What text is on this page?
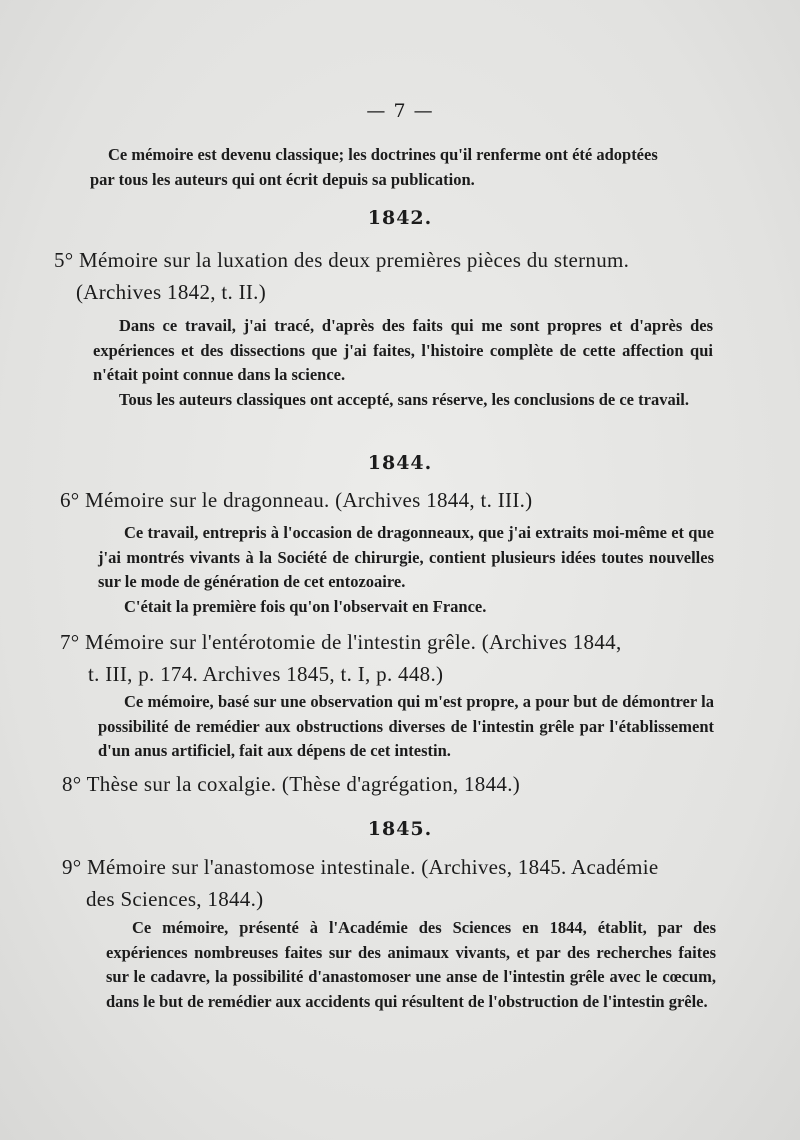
— 7 —
Ce mémoire est devenu classique; les doctrines qu'il renferme ont été adoptées
par tous les auteurs qui ont écrit depuis sa publication.
1842.
5° Mémoire sur la luxation des deux premières pièces du sternum.
(Archives 1842, t. II.)
Dans ce travail, j'ai tracé, d'après des faits qui me sont propres et d'après des expériences et des dissections que j'ai faites, l'histoire complète de cette affection qui n'était point connue dans la science.
Tous les auteurs classiques ont accepté, sans réserve, les conclusions de ce travail.
1844.
6° Mémoire sur le dragonneau. (Archives 1844, t. III.)
Ce travail, entrepris à l'occasion de dragonneaux, que j'ai extraits moi-même et que j'ai montrés vivants à la Société de chirurgie, contient plusieurs idées toutes nouvelles sur le mode de génération de cet entozoaire.
C'était la première fois qu'on l'observait en France.
7° Mémoire sur l'entérotomie de l'intestin grêle. (Archives 1844,
t. III, p. 174. Archives 1845, t. I, p. 448.)
Ce mémoire, basé sur une observation qui m'est propre, a pour but de démontrer la possibilité de remédier aux obstructions diverses de l'intestin grêle par l'établissement d'un anus artificiel, fait aux dépens de cet intestin.
8° Thèse sur la coxalgie. (Thèse d'agrégation, 1844.)
1845.
9° Mémoire sur l'anastomose intestinale. (Archives, 1845. Académie
des Sciences, 1844.)
Ce mémoire, présenté à l'Académie des Sciences en 1844, établit, par des expériences nombreuses faites sur des animaux vivants, et par des recherches faites sur le cadavre, la possibilité d'anastomoser une anse de l'intestin grêle avec le cœcum, dans le but de remédier aux accidents qui résultent de l'obstruction de l'intestin grêle.
